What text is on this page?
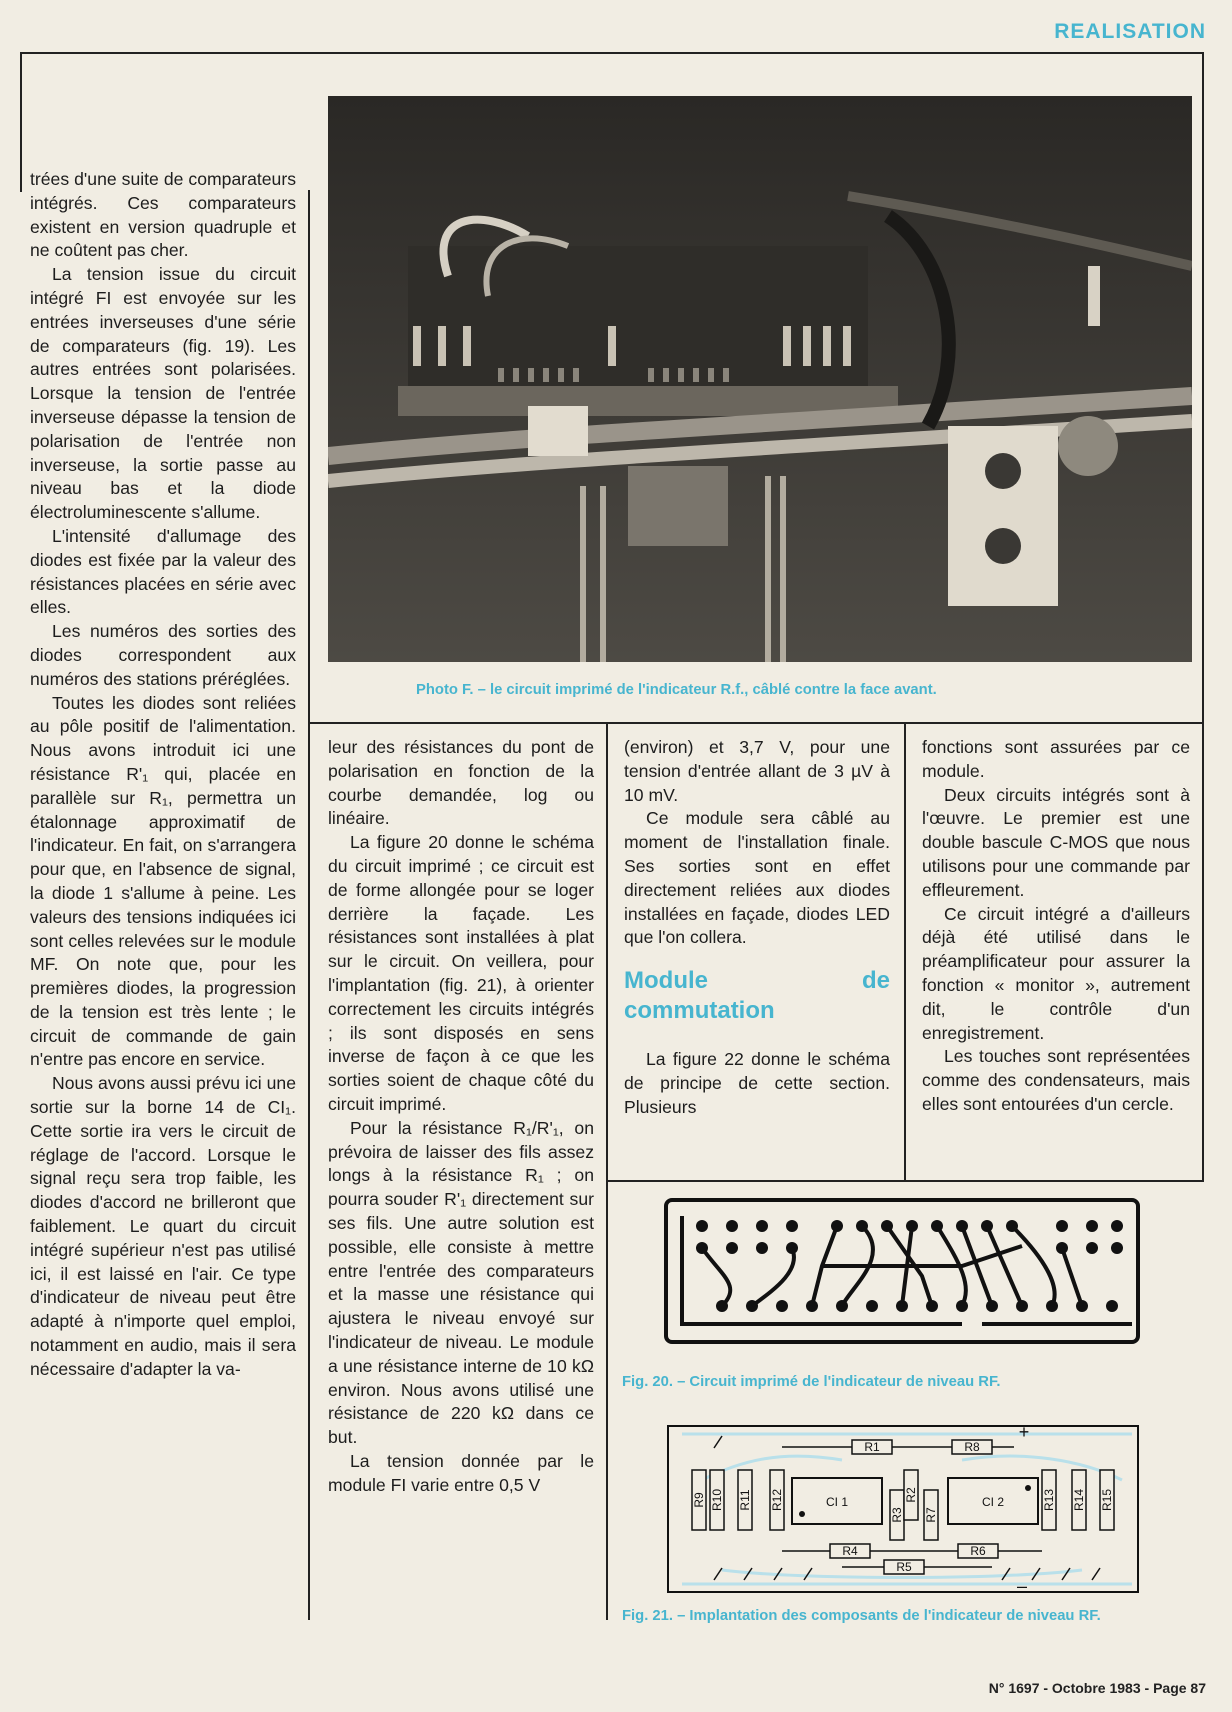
REALISATION
Photo F. – le circuit imprimé de l'indicateur R.f., câblé contre la face avant.

trées d'une suite de comparateurs intégrés. Ces comparateurs existent en version quadruple et ne coûtent pas cher.

La tension issue du circuit intégré FI est envoyée sur les entrées inverseuses d'une série de comparateurs (fig. 19). Les autres entrées sont polarisées. Lorsque la tension de l'entrée inverseuse dépasse la tension de polarisation de l'entrée non inverseuse, la sortie passe au niveau bas et la diode électroluminescente s'allume.

L'intensité d'allumage des diodes est fixée par la valeur des résistances placées en série avec elles.

Les numéros des sorties des diodes correspondent aux numéros des stations préréglées.

Toutes les diodes sont reliées au pôle positif de l'alimentation. Nous avons introduit ici une résistance R'₁ qui, placée en parallèle sur R₁, permettra un étalonnage approximatif de l'indicateur. En fait, on s'arrangera pour que, en l'absence de signal, la diode 1 s'allume à peine. Les valeurs des tensions indiquées ici sont celles relevées sur le module MF. On note que, pour les premières diodes, la progression de la tension est très lente ; le circuit de commande de gain n'entre pas encore en service.

Nous avons aussi prévu ici une sortie sur la borne 14 de CI₁. Cette sortie ira vers le circuit de réglage de l'accord. Lorsque le signal reçu sera trop faible, les diodes d'accord ne brilleront que faiblement. Le quart du circuit intégré supérieur n'est pas utilisé ici, il est laissé en l'air. Ce type d'indicateur de niveau peut être adapté à n'importe quel emploi, notamment en audio, mais il sera nécessaire d'adapter la va-

leur des résistances du pont de polarisation en fonction de la courbe demandée, log ou linéaire.

La figure 20 donne le schéma du circuit imprimé ; ce circuit est de forme allongée pour se loger derrière la façade. Les résistances sont installées à plat sur le circuit. On veillera, pour l'implantation (fig. 21), à orienter correctement les circuits intégrés ; ils sont disposés en sens inverse de façon à ce que les sorties soient de chaque côté du circuit imprimé.

Pour la résistance R₁/R'₁, on prévoira de laisser des fils assez longs à la résistance R₁ ; on pourra souder R'₁ directement sur ses fils. Une autre solution est possible, elle consiste à mettre entre l'entrée des comparateurs et la masse une résistance qui ajustera le niveau envoyé sur l'indicateur de niveau. Le module a une résistance interne de 10 kΩ environ. Nous avons utilisé une résistance de 220 kΩ dans ce but.

La tension donnée par le module FI varie entre 0,5 V

(environ) et 3,7 V, pour une tension d'entrée allant de 3 µV à 10 mV.

Ce module sera câblé au moment de l'installation finale. Ses sorties sont en effet directement reliées aux diodes installées en façade, diodes LED que l'on collera.

Module de commutation

La figure 22 donne le schéma de principe de cette section. Plusieurs

fonctions sont assurées par ce module.

Deux circuits intégrés sont à l'œuvre. Le premier est une double bascule C-MOS que nous utilisons pour une commande par effleurement.

Ce circuit intégré a d'ailleurs déjà été utilisé dans le préamplificateur pour assurer la fonction « monitor », autrement dit, le contrôle d'un enregistrement.

Les touches sont représentées comme des condensateurs, mais elles sont entourées d'un cercle.

Fig. 20. – Circuit imprimé de l'indicateur de niveau RF.
R1	R8
R4
R5
R6
CI 1	CI 2
+
–
R9 R10 R11 R12
R3
R2
R7
R13 R14 R15
Fig. 21. – Implantation des composants de l'indicateur de niveau RF.
N° 1697 - Octobre 1983 - Page 87
